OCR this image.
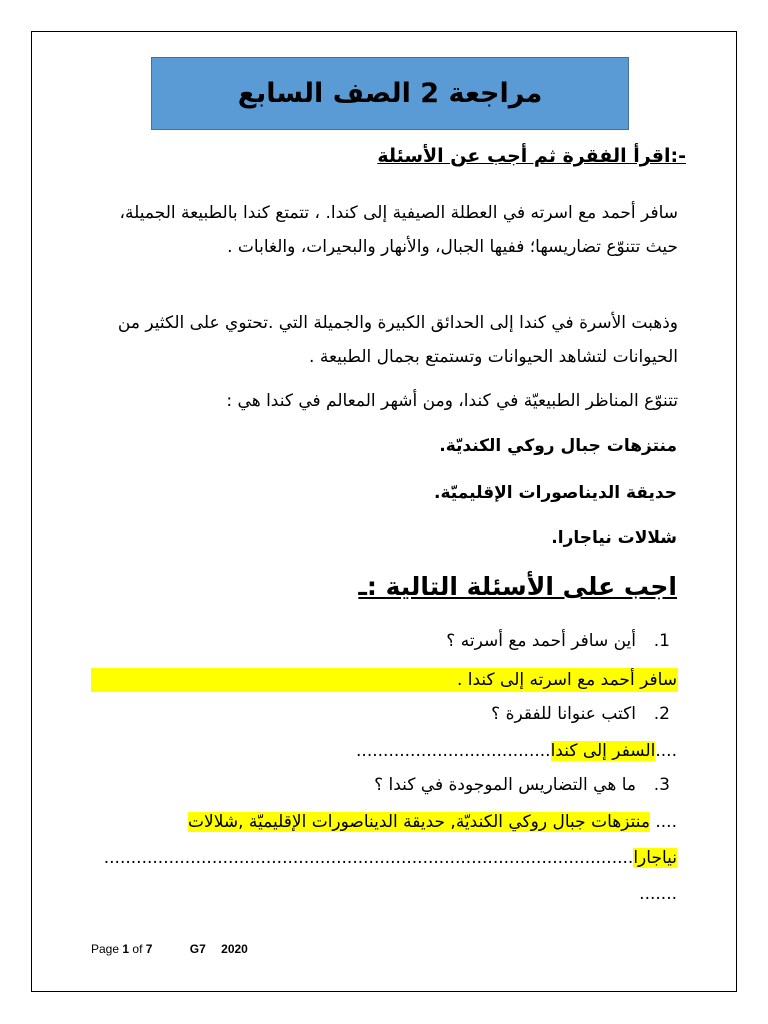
مراجعة 2 الصف السابع
-:اقرأ الفقرة ثم أجب عن الأسئلة
سافر أحمد مع اسرته في العطلة الصيفية إلى كندا. ، تتمتع كندا بالطبيعة الجميلة، حيث تتنوّع تضاريسها؛ ففيها الجبال، والأنهار والبحيرات، والغابات .
وذهبت الأسرة في كندا إلى الحدائق الكبيرة والجميلة التي .تحتوي على الكثير من الحيوانات لتشاهد الحيوانات وتستمتع بجمال الطبيعة .
تتنوّع المناظر الطبيعيّة في كندا، ومن أشهر المعالم في كندا هي :
منتزهات جبال روكي الكنديّة.
حديقة الديناصورات الإقليميّة.
شلالات نياجارا.
اجب على الأسئلة التالية :ـ
1.
أين سافر أحمد مع أسرته ؟
سافر أحمد مع اسرته إلى كندا .
2.
اكتب عنوانا للفقرة ؟
....السفر إلى كندا....................................
3.
ما هي التضاريس الموجودة في كندا ؟
.... منتزهات جبال روكي الكنديّة, حديقة الديناصورات الإقليميّة ,شلالات
نياجارا..................................................................................................
.......
Page 1 of 7	G7 2020
